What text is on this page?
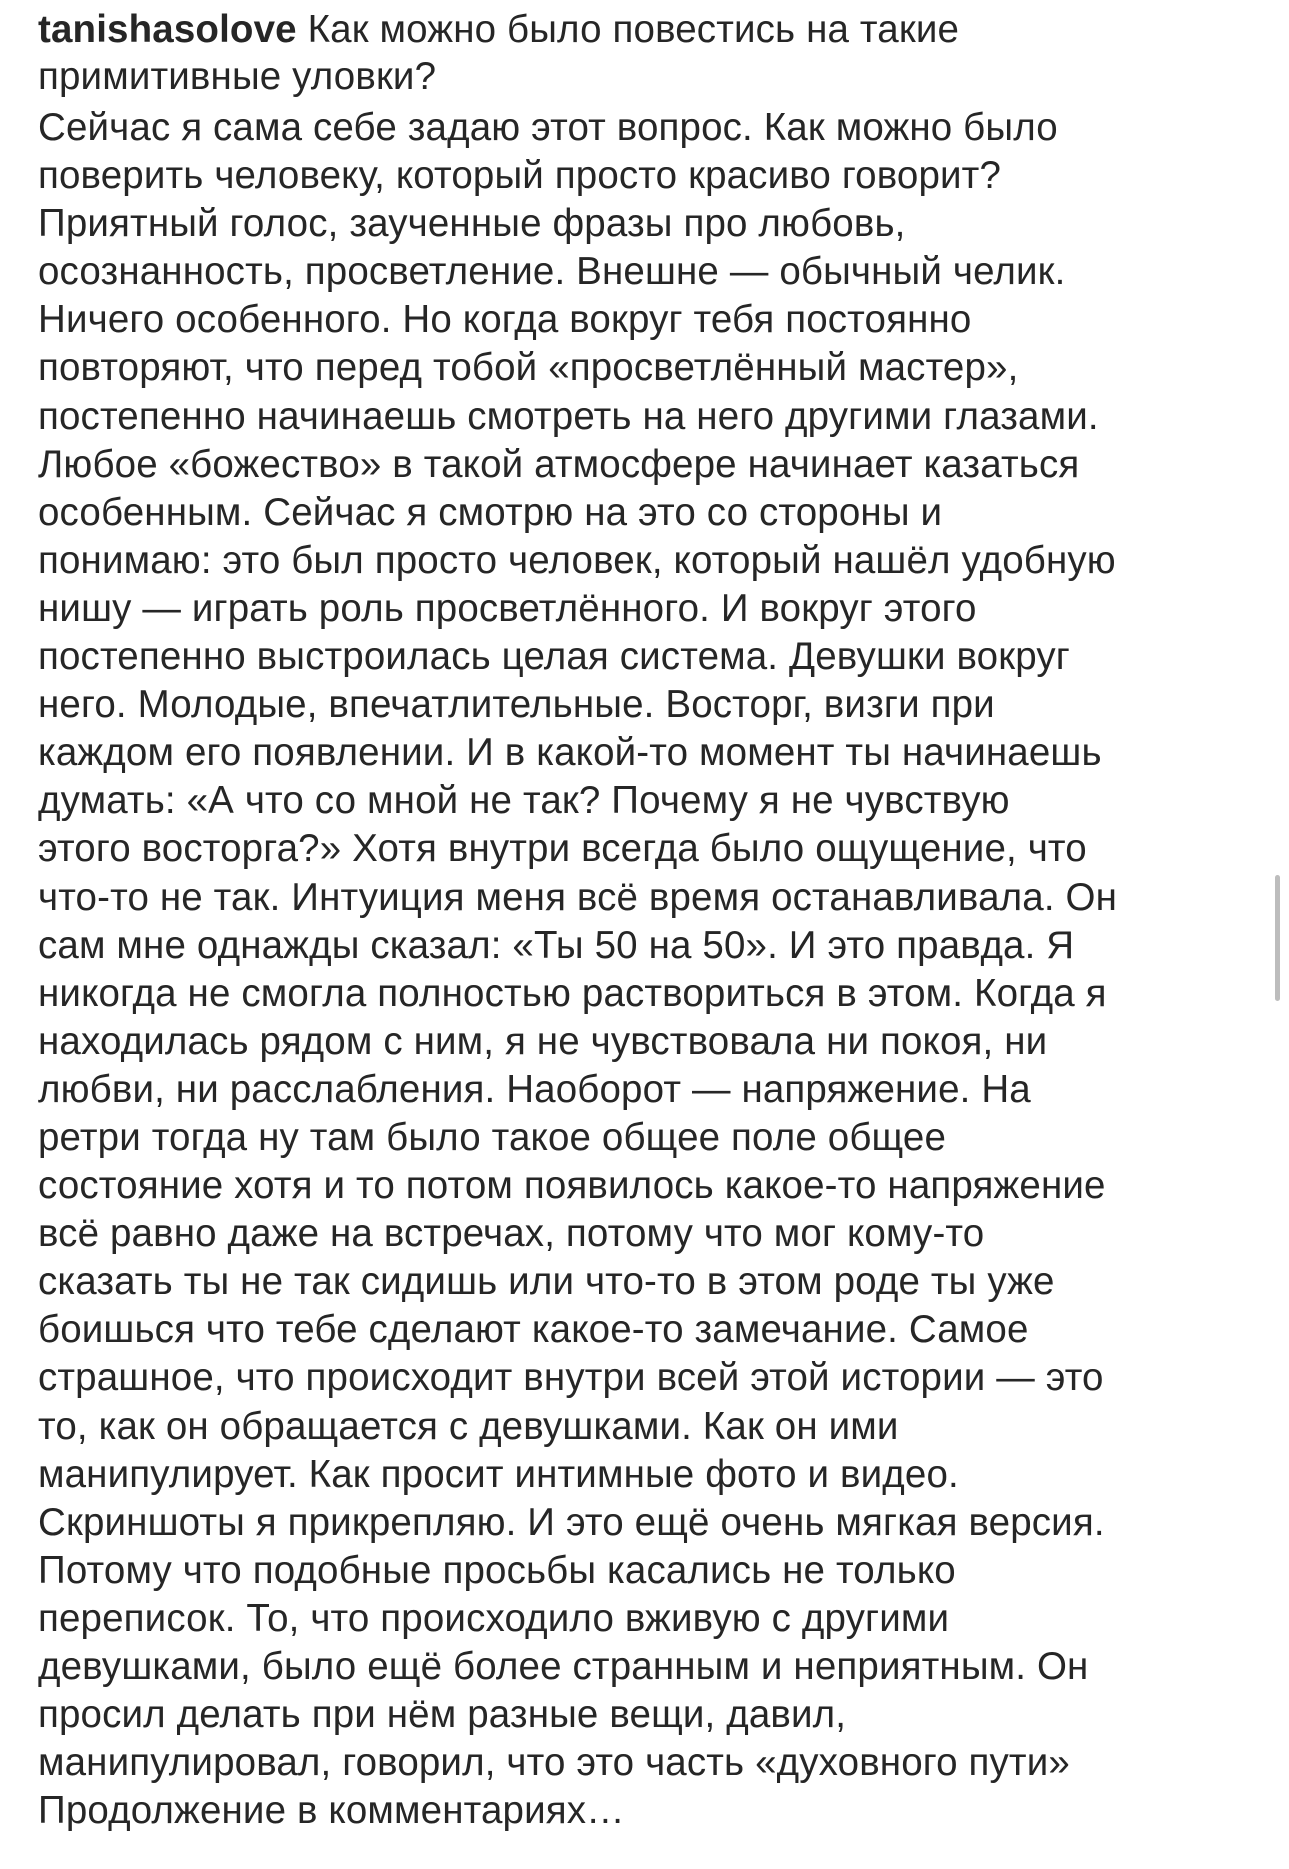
tanishasolove Как можно было повестись на такие
примитивные уловки?
Сейчас я сама себе задаю этот вопрос. Как можно было
поверить человеку, который просто красиво говорит?
Приятный голос, заученные фразы про любовь,
осознанность, просветление. Внешне — обычный челик.
Ничего особенного. Но когда вокруг тебя постоянно
повторяют, что перед тобой «просветлённый мастер»,
постепенно начинаешь смотреть на него другими глазами.
Любое «божество» в такой атмосфере начинает казаться
особенным. Сейчас я смотрю на это со стороны и
понимаю: это был просто человек, который нашёл удобную
нишу — играть роль просветлённого. И вокруг этого
постепенно выстроилась целая система. Девушки вокруг
него. Молодые, впечатлительные. Восторг, визги при
каждом его появлении. И в какой-то момент ты начинаешь
думать: «А что со мной не так? Почему я не чувствую
этого восторга?» Хотя внутри всегда было ощущение, что
что-то не так. Интуиция меня всё время останавливала. Он
сам мне однажды сказал: «Ты 50 на 50». И это правда. Я
никогда не смогла полностью раствориться в этом. Когда я
находилась рядом с ним, я не чувствовала ни покоя, ни
любви, ни расслабления. Наоборот — напряжение. На
ретри тогда ну там было такое общее поле общее
состояние хотя и то потом появилось какое-то напряжение
всё равно даже на встречах, потому что мог кому-то
сказать ты не так сидишь или что-то в этом роде ты уже
боишься что тебе сделают какое-то замечание. Самое
страшное, что происходит внутри всей этой истории — это
то, как он обращается с девушками. Как он ими
манипулирует. Как просит интимные фото и видео.
Скриншоты я прикрепляю. И это ещё очень мягкая версия.
Потому что подобные просьбы касались не только
переписок. То, что происходило вживую с другими
девушками, было ещё более странным и неприятным. Он
просил делать при нём разные вещи, давил,
манипулировал, говорил, что это часть «духовного пути»
Продолжение в комментариях…
